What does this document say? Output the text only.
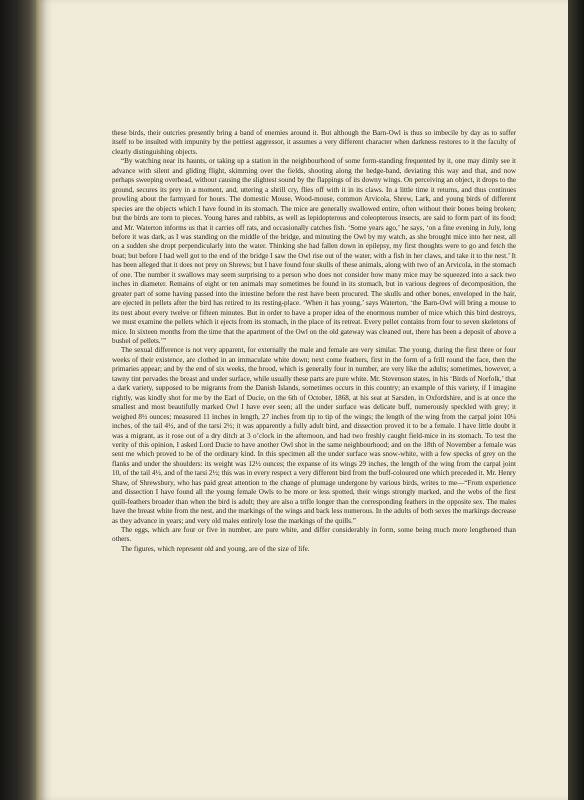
these birds, their outcries presently bring a band of enemies around it. But although the Barn-Owl is thus so imbecile by day as to suffer itself to be insulted with impunity by the pettiest aggressor, it assumes a very different character when darkness restores to it the faculty of clearly distinguishing objects.

“By watching near its haunts, or taking up a station in the neighbourhood of some form-standing frequented by it, one may dimly see it advance with silent and gliding flight, skimming over the fields, shooting along the hedge-band, deviating this way and that, and now perhaps sweeping overhead, without causing the slightest sound by the flappings of its downy wings. On perceiving an object, it drops to the ground, secures its prey in a moment, and, uttering a shrill cry, flies off with it in its claws. In a little time it returns, and thus continues prowling about the farmyard for hours. The domestic Mouse, Wood-mouse, common Arvicola, Shrew, Lark, and young birds of different species are the objects which I have found in its stomach. The mice are generally swallowed entire, often without their bones being broken; but the birds are torn to pieces. Young hares and rabbits, as well as lepidopterous and coleopterous insects, are said to form part of its food; and Mr. Waterton informs us that it carries off rats, and occasionally catches fish. ‘Some years ago,’ he says, ‘on a fine evening in July, long before it was dark, as I was standing on the middle of the bridge, and minuting the Owl by my watch, as she brought mice into her nest, all on a sudden she dropt perpendicularly into the water. Thinking she had fallen down in epilepsy, my first thoughts were to go and fetch the boat; but before I had well got to the end of the bridge I saw the Owl rise out of the water, with a fish in her claws, and take it to the nest.’ It has been alleged that it does not prey on Shrews; but I have found four skulls of these animals, along with two of an Arvicola, in the stomach of one. The number it swallows may seem surprising to a person who does not consider how many mice may be squeezed into a sack two inches in diameter. Remains of eight or ten animals may sometimes be found in its stomach, but in various degrees of decomposition, the greater part of some having passed into the intestine before the rest have been procured. The skulls and other bones, enveloped in the hair, are ejected in pellets after the bird has retired to its resting-place. ‘When it has young,’ says Waterton, ‘the Barn-Owl will bring a mouse to its nest about every twelve or fifteen minutes. But in order to have a proper idea of the enormous number of mice which this bird destroys, we must examine the pellets which it ejects from its stomach, in the place of its retreat. Every pellet contains from four to seven skeletons of mice. In sixteen months from the time that the apartment of the Owl on the old gateway was cleaned out, there has been a deposit of above a bushel of pellets.’”

The sexual difference is not very apparent, for externally the male and female are very similar. The young, during the first three or four weeks of their existence, are clothed in an immaculate white down; next come feathers, first in the form of a frill round the face, then the primaries appear; and by the end of six weeks, the brood, which is generally four in number, are very like the adults; sometimes, however, a tawny tint pervades the breast and under surface, while usually these parts are pure white. Mr. Stevenson states, in his ‘Birds of Norfolk,’ that a dark variety, supposed to be migrants from the Danish Islands, sometimes occurs in this country; an example of this variety, if I imagine rightly, was kindly shot for me by the Earl of Ducie, on the 6th of October, 1868, at his seat at Sarsden, in Oxfordshire, and is at once the smallest and most beautifully marked Owl I have ever seen; all the under surface was delicate buff, numerously speckled with grey; it weighed 8½ ounces; measured 11 inches in length, 27 inches from tip to tip of the wings; the length of the wing from the carpal joint 10¼ inches, of the tail 4½, and of the tarsi 2½; it was apparently a fully adult bird, and dissection proved it to be a female. I have little doubt it was a migrant, as it rose out of a dry ditch at 3 o’clock in the afternoon, and had two freshly caught field-mice in its stomach. To test the verity of this opinion, I asked Lord Ducie to have another Owl shot in the same neighbourhood; and on the 18th of November a female was sent me which proved to be of the ordinary kind. In this specimen all the under surface was snow-white, with a few specks of grey on the flanks and under the shoulders: its weight was 12½ ounces; the expanse of its wings 29 inches, the length of the wing from the carpal joint 10, of the tail 4½, and of the tarsi 2½; this was in every respect a very different bird from the buff-coloured one which preceded it. Mr. Henry Shaw, of Shrewsbury, who has paid great attention to the change of plumage undergone by various birds, writes to me—“From experience and dissection I have found all the young female Owls to be more or less spotted, their wings strongly marked, and the webs of the first quill-feathers broader than when the bird is adult; they are also a trifle longer than the corresponding feathers in the opposite sex. The males have the breast white from the nest, and the markings of the wings and back less numerous. In the adults of both sexes the markings decrease as they advance in years; and very old males entirely lose the markings of the quills.”

The eggs, which are four or five in number, are pure white, and differ considerably in form, some being much more lengthened than others.

The figures, which represent old and young, are of the size of life.
